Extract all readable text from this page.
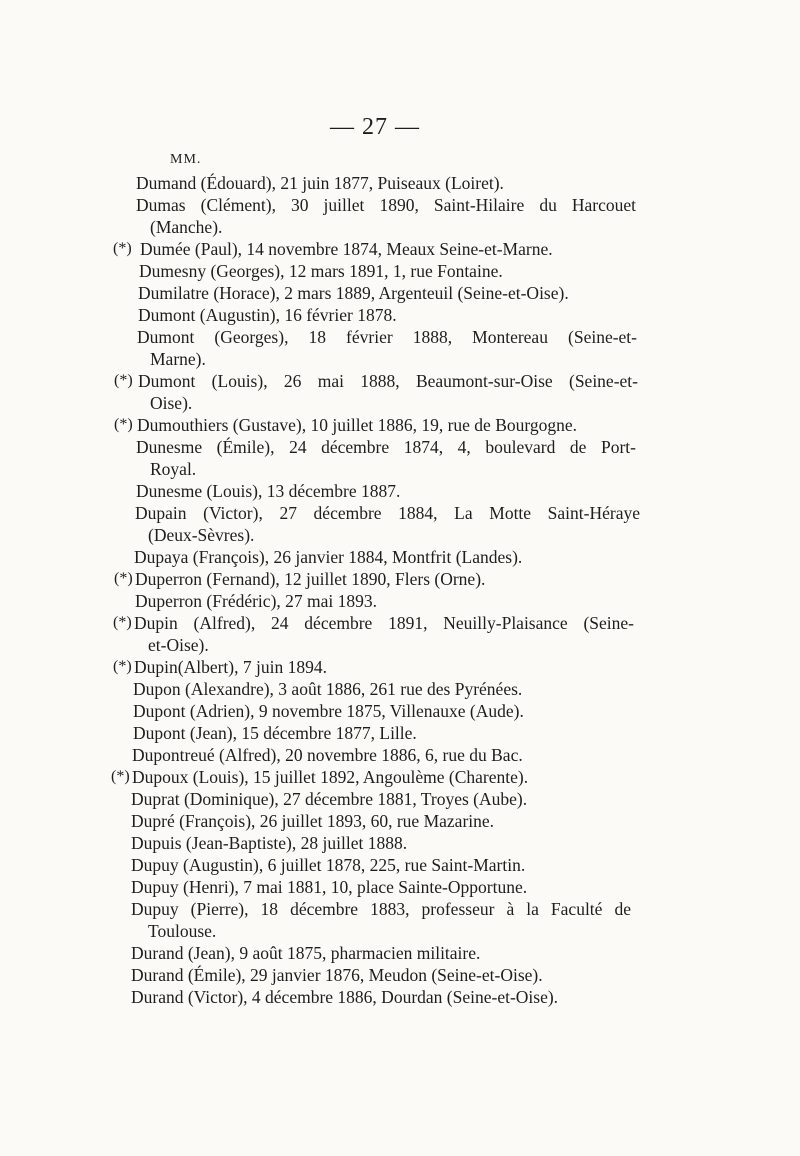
— 27 —
MM.
Dumand (Édouard), 21 juin 1877, Puiseaux (Loiret).
Dumas (Clément), 30 juillet 1890, Saint-Hilaire du Harcouet
(Manche).
(*) Dumée (Paul), 14 novembre 1874, Meaux Seine-et-Marne.
Dumesny (Georges), 12 mars 1891, 1, rue Fontaine.
Dumilatre (Horace), 2 mars 1889, Argenteuil (Seine-et-Oise).
Dumont (Augustin), 16 février 1878.
Dumont (Georges), 18 février 1888, Montereau (Seine-et-
Marne).
(*) Dumont (Louis), 26 mai 1888, Beaumont-sur-Oise (Seine-et-
Oise).
(*) Dumouthiers (Gustave), 10 juillet 1886, 19, rue de Bourgogne.
Dunesme (Émile), 24 décembre 1874, 4, boulevard de Port-
Royal.
Dunesme (Louis), 13 décembre 1887.
Dupain (Victor), 27 décembre 1884, La Motte Saint-Héraye
(Deux-Sèvres).
Dupaya (François), 26 janvier 1884, Montfrit (Landes).
(*) Duperron (Fernand), 12 juillet 1890, Flers (Orne).
Duperron (Frédéric), 27 mai 1893.
(*) Dupin (Alfred), 24 décembre 1891, Neuilly-Plaisance (Seine-
et-Oise).
(*) Dupin(Albert), 7 juin 1894.
Dupon (Alexandre), 3 août 1886, 261 rue des Pyrénées.
Dupont (Adrien), 9 novembre 1875, Villenauxe (Aude).
Dupont (Jean), 15 décembre 1877, Lille.
Dupontreué (Alfred), 20 novembre 1886, 6, rue du Bac.
(*) Dupoux (Louis), 15 juillet 1892, Angoulème (Charente).
Duprat (Dominique), 27 décembre 1881, Troyes (Aube).
Dupré (François), 26 juillet 1893, 60, rue Mazarine.
Dupuis (Jean-Baptiste), 28 juillet 1888.
Dupuy (Augustin), 6 juillet 1878, 225, rue Saint-Martin.
Dupuy (Henri), 7 mai 1881, 10, place Sainte-Opportune.
Dupuy (Pierre), 18 décembre 1883, professeur à la Faculté de
Toulouse.
Durand (Jean), 9 août 1875, pharmacien militaire.
Durand (Émile), 29 janvier 1876, Meudon (Seine-et-Oise).
Durand (Victor), 4 décembre 1886, Dourdan (Seine-et-Oise).
